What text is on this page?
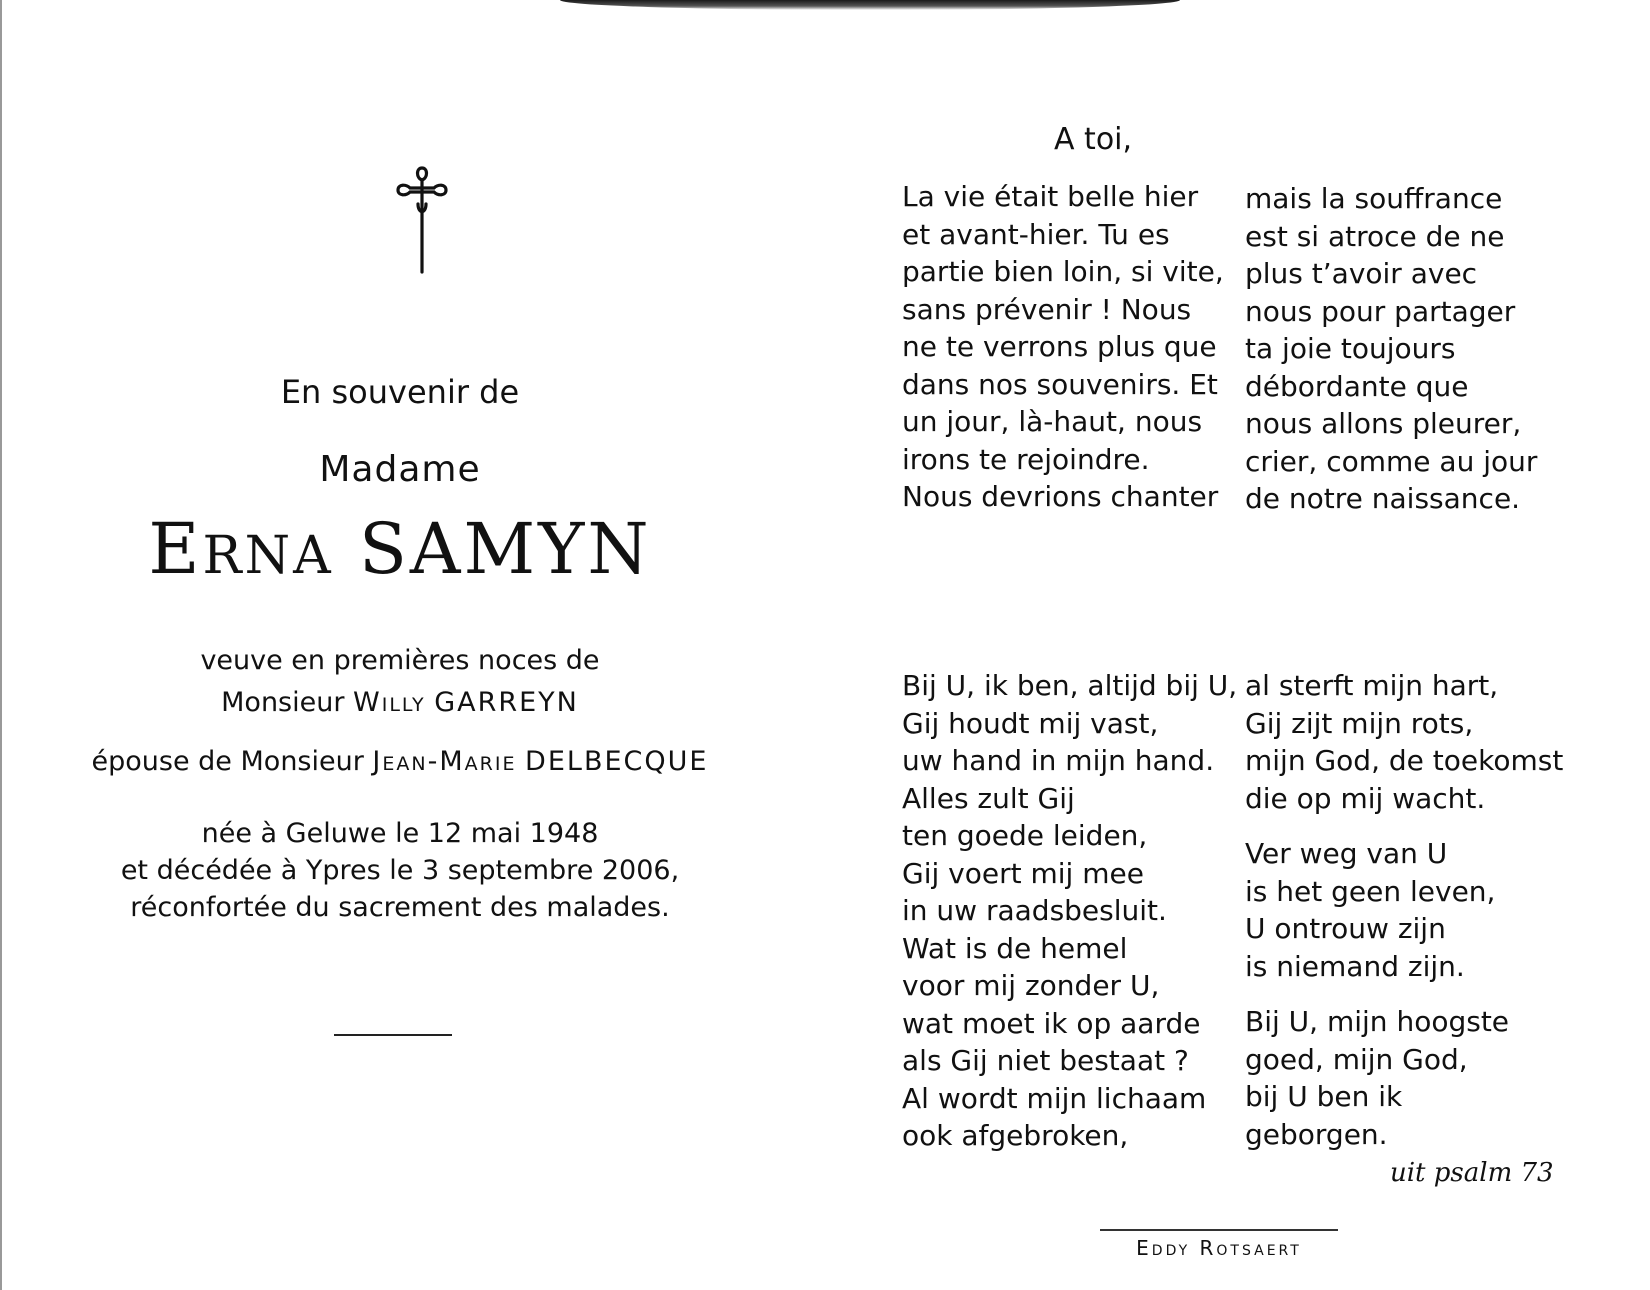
En souvenir de
Madame
ERNA SAMYN
veuve en premières noces de
Monsieur Willy GARREYN
épouse de Monsieur Jean-Marie DELBECQUE
née à Geluwe le 12 mai 1948
et décédée à Ypres le 3 septembre 2006,
réconfortée du sacrement des malades.
A toi,
La vie était belle hier
et avant-hier. Tu es
partie bien loin, si vite,
sans prévenir ! Nous
ne te verrons plus que
dans nos souvenirs. Et
un jour, là-haut, nous
irons te rejoindre.
Nous devrions chanter
mais la souffrance
est si atroce de ne
plus t’avoir avec
nous pour partager
ta joie toujours
débordante que
nous allons pleurer,
crier, comme au jour
de notre naissance.
Bij U, ik ben, altijd bij U,
Gij houdt mij vast,
uw hand in mijn hand.
Alles zult Gij
ten goede leiden,
Gij voert mij mee
in uw raadsbesluit.
Wat is de hemel
voor mij zonder U,
wat moet ik op aarde
als Gij niet bestaat ?
Al wordt mijn lichaam
ook afgebroken,
al sterft mijn hart,
Gij zijt mijn rots,
mijn God, de toekomst
die op mij wacht.
Ver weg van U
is het geen leven,
U ontrouw zijn
is niemand zijn.
Bij U, mijn hoogste
goed, mijn God,
bij U ben ik
geborgen.
uit psalm 73
Eddy Rotsaert
